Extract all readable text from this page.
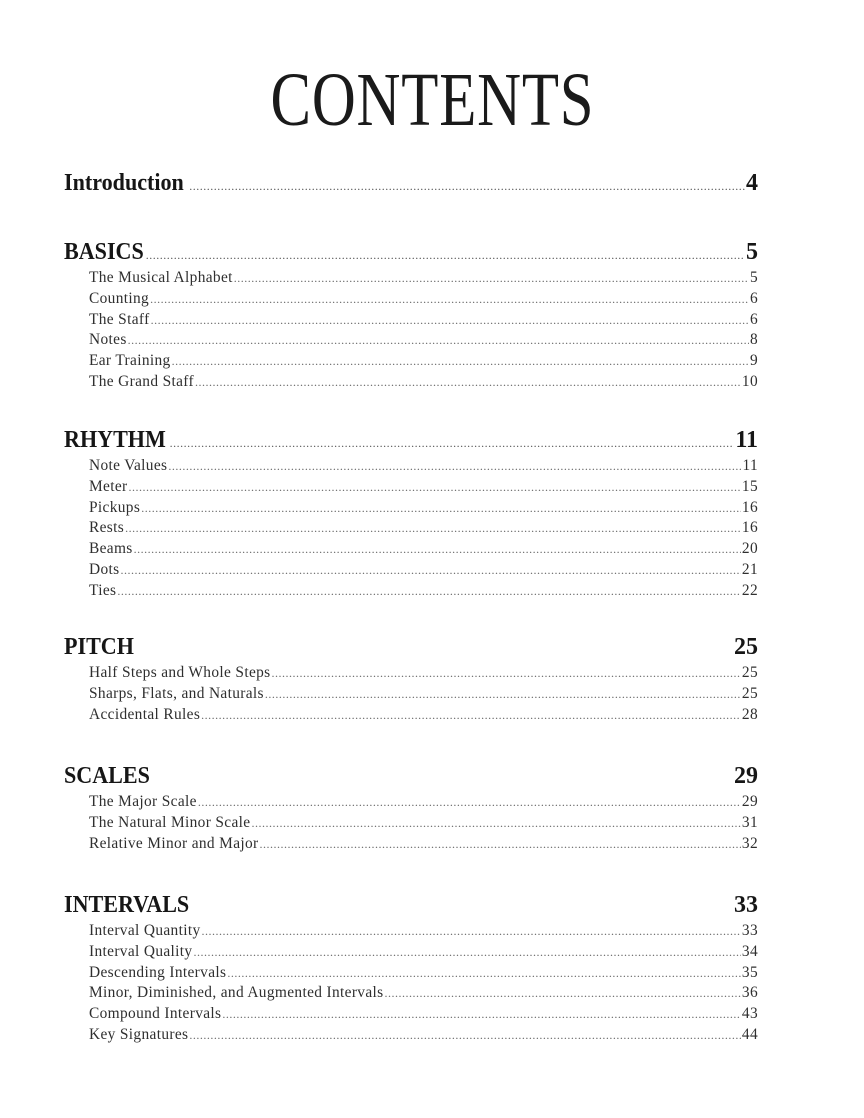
CONTENTS
Introduction .....	4
BASICS .....	5
The Musical Alphabet .....	5
Counting .....	6
The Staff .....	6
Notes .....	8
Ear Training .....	9
The Grand Staff .....	10
RHYTHM .....	11
Note Values .....	11
Meter .....	15
Pickups .....	16
Rests .....	16
Beams .....	20
Dots .....	21
Ties .....	22
PITCH	25
Half Steps and Whole Steps .....	25
Sharps, Flats, and Naturals .....	25
Accidental Rules .....	28
SCALES	29
The Major Scale .....	29
The Natural Minor Scale .....	31
Relative Minor and Major .....	32
INTERVALS	33
Interval Quantity .....	33
Interval Quality .....	34
Descending Intervals .....	35
Minor, Diminished, and Augmented Intervals .....	36
Compound Intervals .....	43
Key Signatures .....	44
